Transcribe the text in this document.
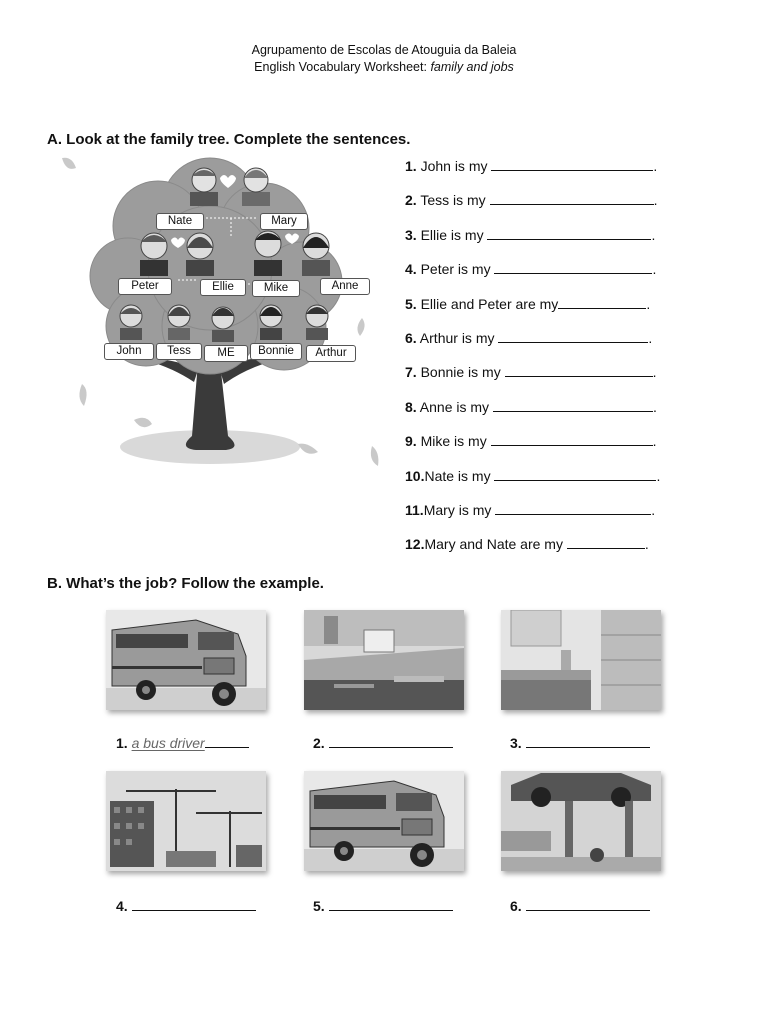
Agrupamento de Escolas de Atouguia da Baleia
English Vocabulary Worksheet: family and jobs
A. Look at the family tree. Complete the sentences.
Nate	Mary
Peter	Ellie	Mike	Anne
John	Tess	ME	Bonnie	Arthur
1. John is my	.
2. Tess is my	.
3. Ellie is my	.
4. Peter is my	.
5. Ellie and Peter are my	.
6. Arthur is my	.
7. Bonnie is my	.
8. Anne is my	.
9. Mike is my	.
10.Nate is my	.
11.Mary is my	.
12.Mary and Nate are my	.
B. What’s the job? Follow the example.
1. a bus driver	2.	3.
4.	5.	6.
